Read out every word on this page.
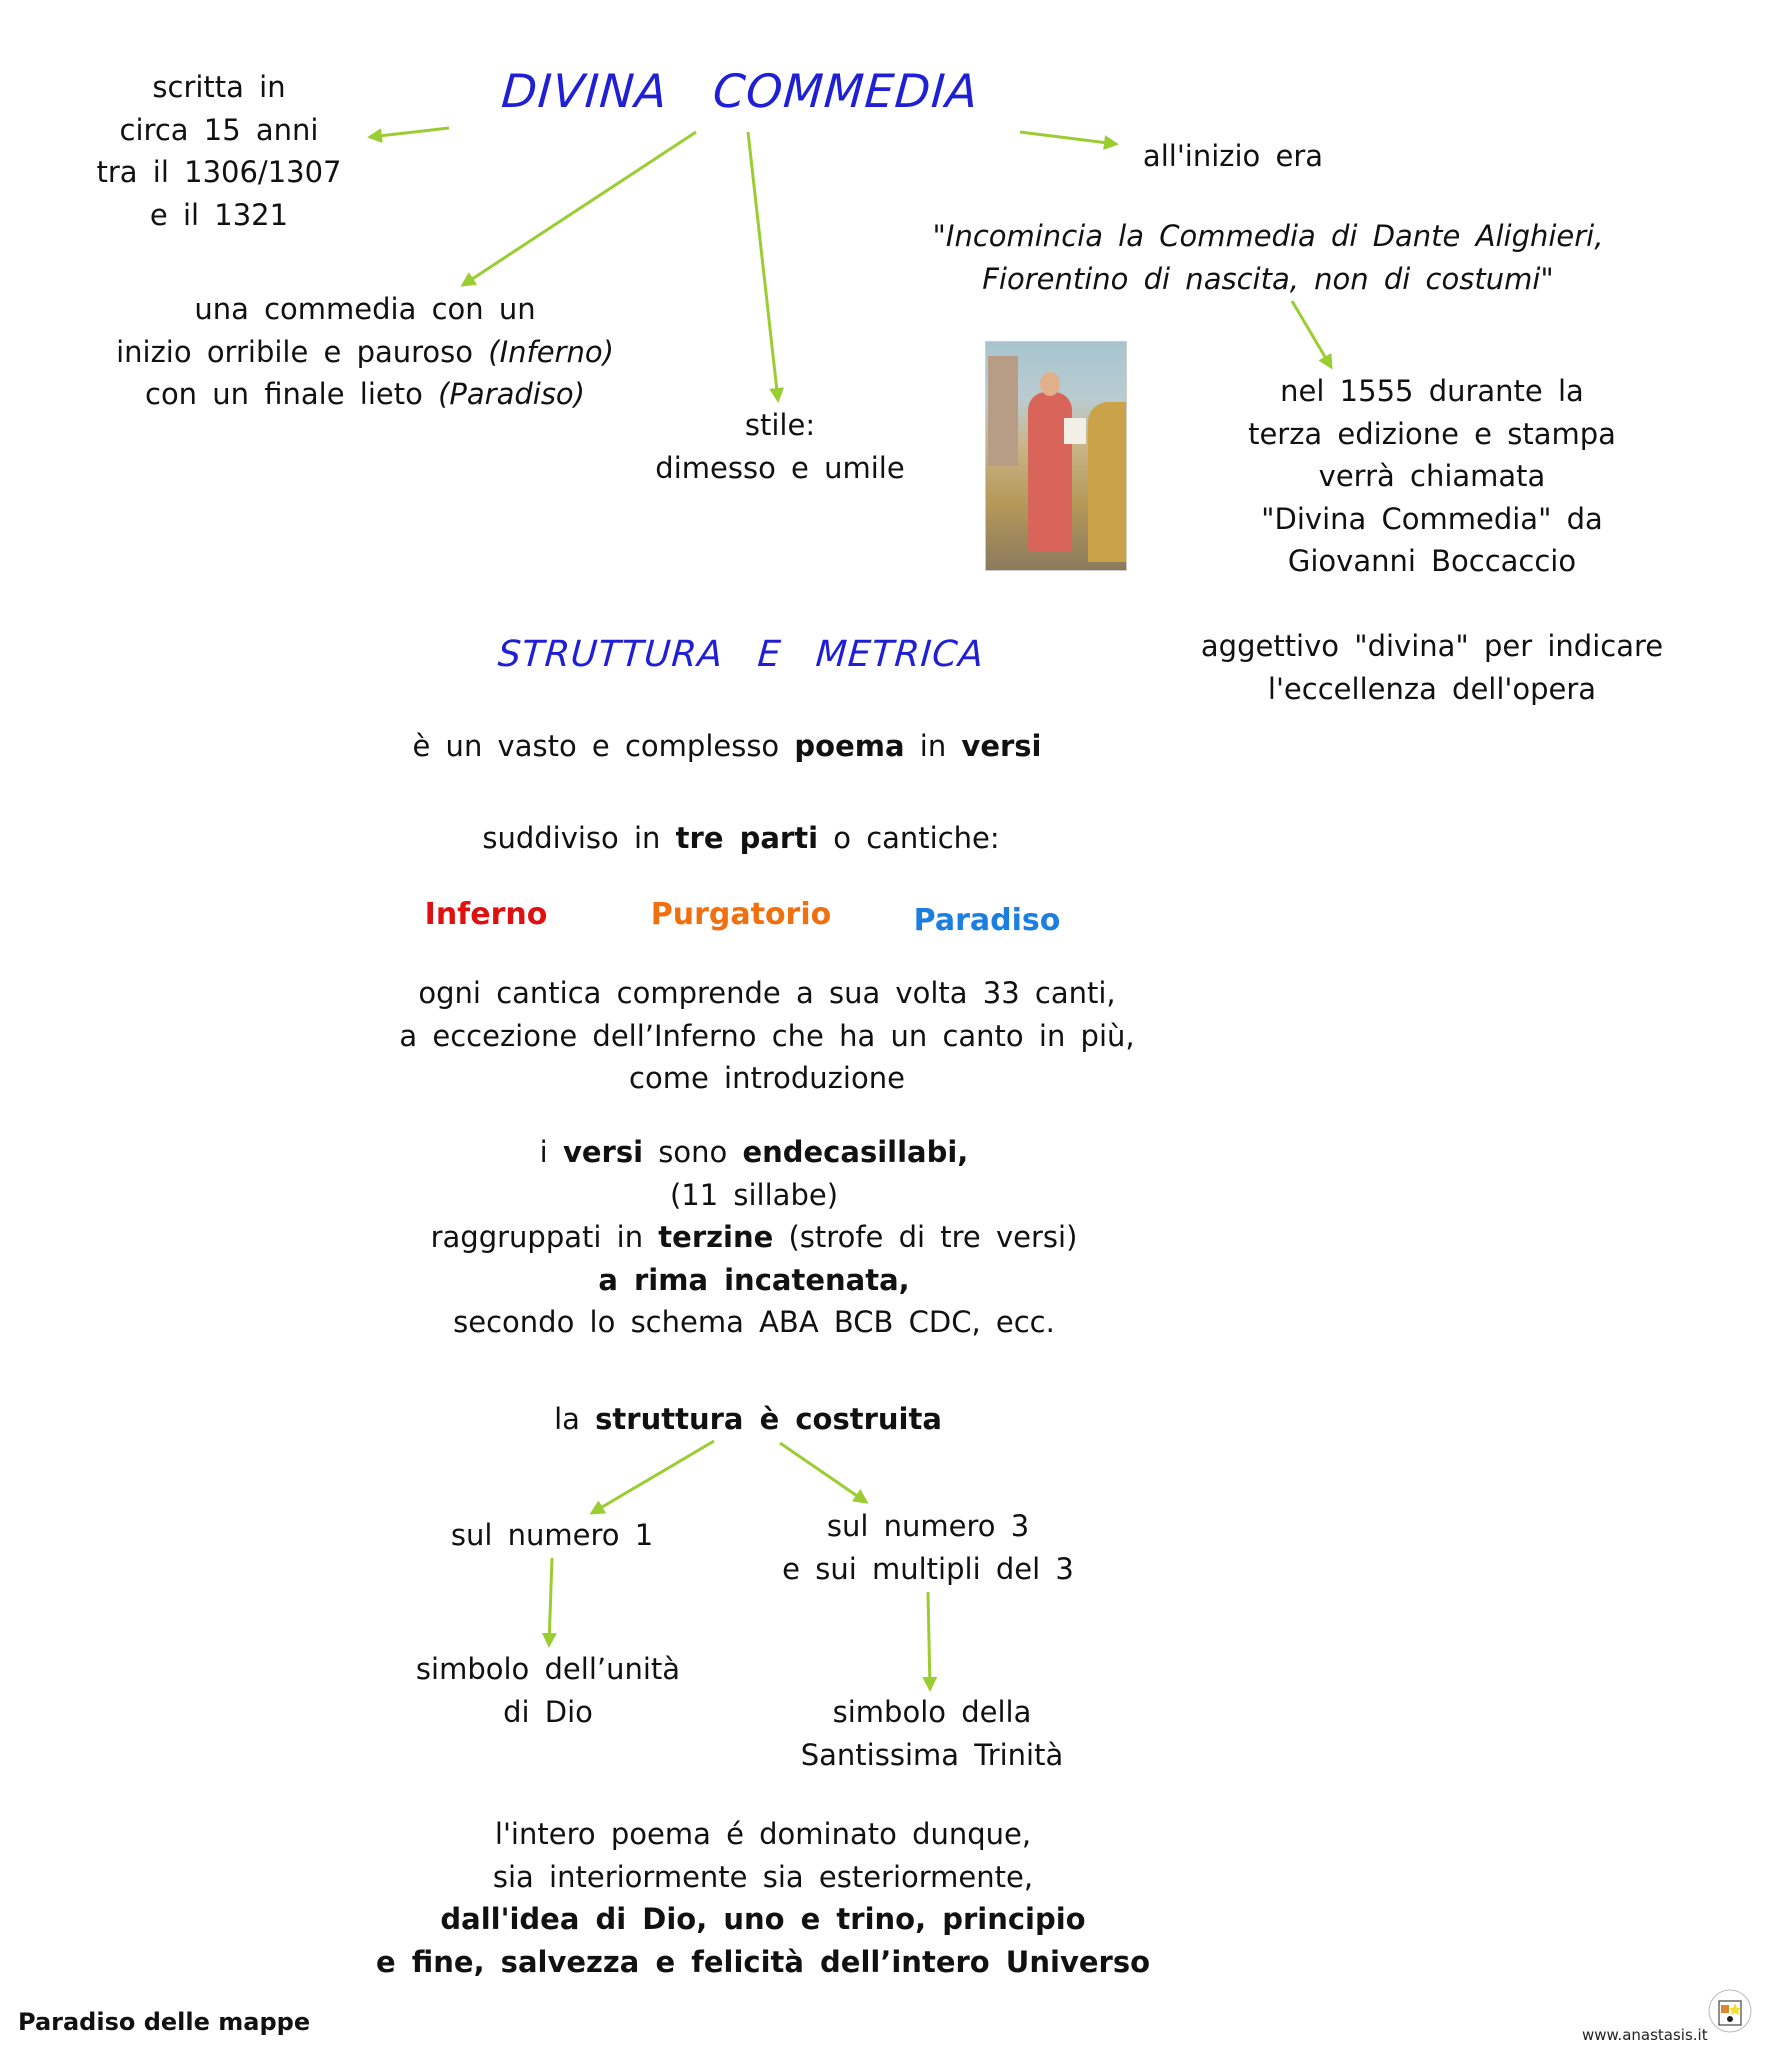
DIVINA COMMEDIA
scritta in
circa 15 anni
tra il 1306/1307
e il 1321
all'inizio era
"Incomincia la Commedia di Dante Alighieri,
Fiorentino di nascita, non di costumi"
una commedia con un
inizio orribile e pauroso (Inferno)
con un finale lieto (Paradiso)
stile:
dimesso e umile
nel 1555 durante la
terza edizione e stampa
verrà chiamata
"Divina Commedia" da
Giovanni Boccaccio
aggettivo "divina" per indicare
l'eccellenza dell'opera
STRUTTURA E METRICA
è un vasto e complesso poema in versi
suddiviso in tre parti o cantiche:
Inferno	Purgatorio	Paradiso
ogni cantica comprende a sua volta 33 canti,
a eccezione dell’Inferno che ha un canto in più,
come introduzione
i versi sono endecasillabi,
(11 sillabe)
raggruppati in terzine (strofe di tre versi)
a rima incatenata,
secondo lo schema ABA BCB CDC, ecc.
la struttura è costruita
sul numero 1	sul numero 3
e sui multipli del 3
simbolo dell’unità
di Dio	simbolo della
Santissima Trinità
l'intero poema é dominato dunque,
sia interiormente sia esteriormente,
dall'idea di Dio, uno e trino, principio
e fine, salvezza e felicità dell’intero Universo
Paradiso delle mappe	www.anastasis.it
